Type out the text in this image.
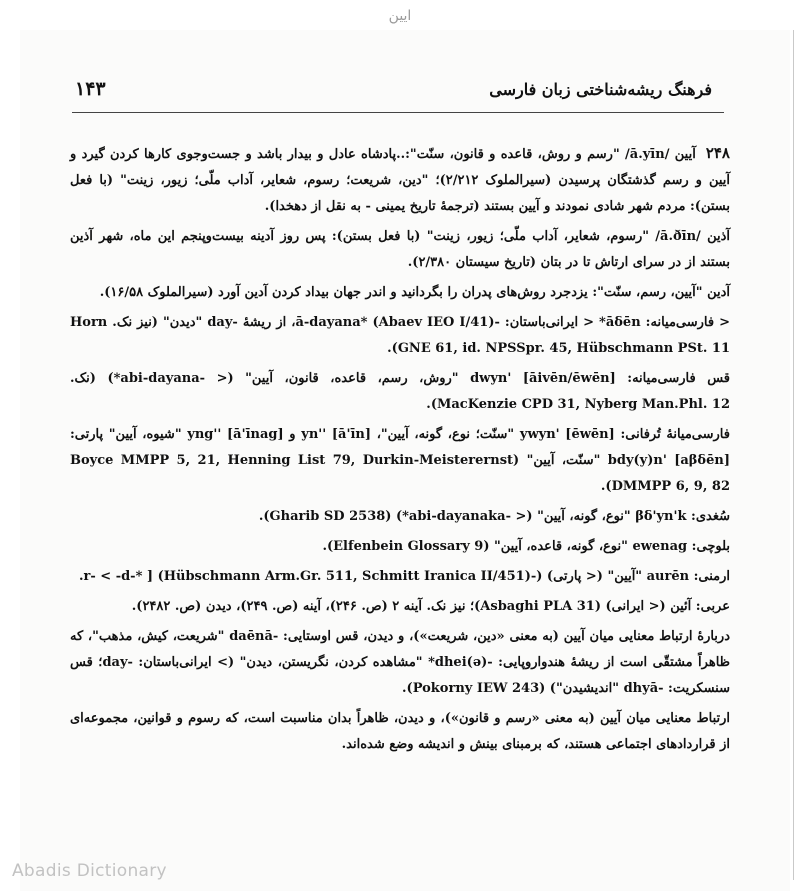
ایین
۱۴۳	فرهنگ ریشه‌شناختی زبان فارسی

۲۴۸آیین /ā.yīn/ "رسم و روش، قاعده و قانون، سنّت":..پادشاه عادل و بیدار باشد و جست‌وجوی کارها کردن گیرد و آیین و رسم گذشتگان پرسیدن (سیرالملوک ۲/۲۱۲)؛ "دین، شریعت؛ رسوم، شعایر، آداب ملّی؛ زیور، زینت" (با فعل بستن): مردم شهر شادی نمودند و آیین بستند (ترجمهٔ تاریخ یمینی - به نقل از دهخدا).

آذین /ā.ðīn/ "رسوم، شعایر، آداب ملّی؛ زیور، زینت" (با فعل بستن): پس روز آدینه بیست‌وپنجم این ماه، شهر آذین بستند از در سرای ارتاش تا در بتان (تاریخ سیستان ۲/۳۸۰).

آدین "آیین، رسم، سنّت": یزدجرد روش‌های پدران را بگردانید و اندر جهان بیداد کردن آدین آورد (سیرالملوک ۱۶/۵۸).

< فارسی‌میانه: āδēn* < ایرانی‌باستان: -ā-dayana* (Abaev IEO I/41)، از ریشهٔ -day "دیدن" (نیز نک. Horn GNE 61, id. NPSSpr. 45, Hübschmann PSt. 11).

قس فارسی‌میانه: dwyn' [āivēn/ēwēn] "روش، رسم، قاعده، قانون، آیین" (< -abi-dayana*) (نک. MacKenzie CPD 31, Nyberg Man.Phl. 12).

فارسی‌میانهٔ تُرفانی: ywyn' [ēwēn] "سنّت؛ نوع، گونه، آیین"، yn'' [ā'īn] و yng'' [ā'īnag] "شیوه، آیین" پارتی: bdy(y)n' [aβδēn] "سنّت، آیین" (Boyce MMPP 5, 21, Henning List 79, Durkin-Meisterernst DMMPP 6, 9, 82).

سُغدی: βδ'yn'k "نوع، گونه، آیین" (< -abi-dayanaka*) (Gharib SD 2538).

بلوچی: ewenag "نوع، گونه، قاعده، آیین" (Elfenbein Glossary 9).

ارمنی: aurēn "آیین" (< پارتی) (-r- < -d-* ] (Hübschmann Arm.Gr. 511, Schmitt Iranica II/451).

عربی: آئین (< ایرانی) (Asbaghi PLA 31)؛ نیز نک. آینه ۲ (ص. ۲۴۶)، آینه (ص. ۲۴۹)، دیدن (ص. ۲۴۸۲).

دربارهٔ ارتباط معنایی میان آیین (به معنی «دین، شریعت»)، و دیدن، قس اوستایی: -daēnā "شریعت، کیش، مذهب"، که ظاهراً مشتقّی است از ریشهٔ هندواروپایی: -(ə)dhei* "مشاهده کردن، نگریستن، دیدن" (> ایرانی‌باستان: -day؛ قس سنسکریت: -dhyā "اندیشیدن") (Pokorny IEW 243).

ارتباط معنایی میان آیین (به معنی «رسم و قانون»)، و دیدن، ظاهراً بدان مناسبت است، که رسوم و قوانین، مجموعه‌ای از قراردادهای اجتماعی هستند، که برمبنای بینش و اندیشه وضع شده‌اند.

Abadis Dictionary
